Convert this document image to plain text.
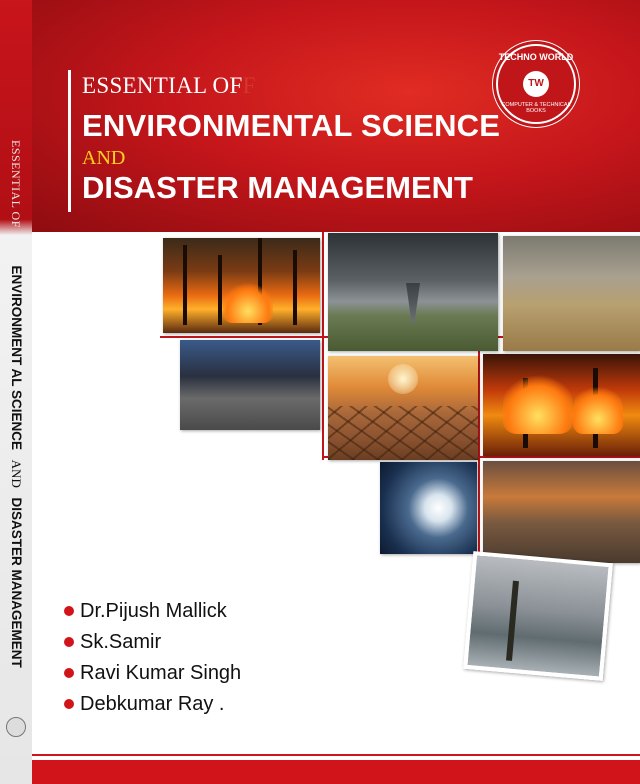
ESSENTIAL OF ENVIRONMENT AL SCIENCE AND DISASTER MANAGEMENT
ESSENTIAL OFF
ENVIRONMENTAL SCIENCE
AND
DISASTER MANAGEMENT
TECHNO WORLD
TW
COMPUTER & TECHNICAL BOOKS
Dr.Pijush Mallick
Sk.Samir
Ravi Kumar Singh
Debkumar Ray .
